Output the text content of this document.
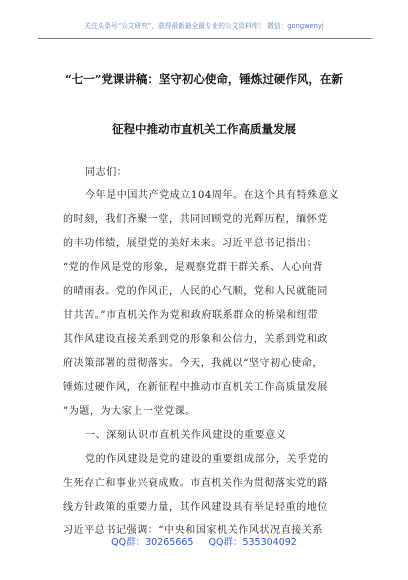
关注头条号“公文研究”，获得最新最全最专业的公文资料库！ 微信：gongwenyj
“七一”党课讲稿：坚守初心使命，锤炼过硬作风，在新
征程中推动市直机关工作高质量发展
同志们：
今年是中国共产党成立104周年。在这个具有特殊意义
的时刻，我们齐聚一堂，共同回顾党的光辉历程，缅怀党
的丰功伟绩，展望党的美好未来。习近平总书记指出：
“党的作风是党的形象，是观察党群干群关系、人心向背
的晴雨表。党的作风正，人民的心气顺，党和人民就能同
甘共苦。”市直机关作为党和政府联系群众的桥梁和纽带
其作风建设直接关系到党的形象和公信力，关系到党和政
府决策部署的贯彻落实。今天，我就以“坚守初心使命，
锤炼过硬作风，在新征程中推动市直机关工作高质量发展
”为题，为大家上一堂党课。
一、深刻认识市直机关作风建设的重要意义
党的作风建设是党的建设的重要组成部分，关乎党的
生死存亡和事业兴衰成败。市直机关作为贯彻落实党的路
线方针政策的重要力量，其作风建设具有举足轻重的地位
习近平总书记强调：“中央和国家机关作风状况直接关系
QQ群：30265665 QQ群：535304092
